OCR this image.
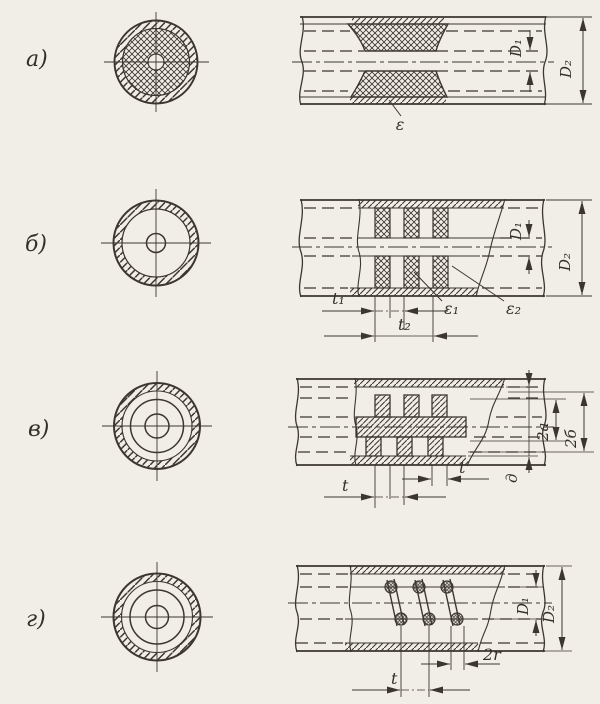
а)
ε
D₁
D₂
б)
ε₁	ε₂
D₁
D₂
t₁
t₂
в)
д
2a 2б
t
t′
г)
D₁ D₂
t
2r
